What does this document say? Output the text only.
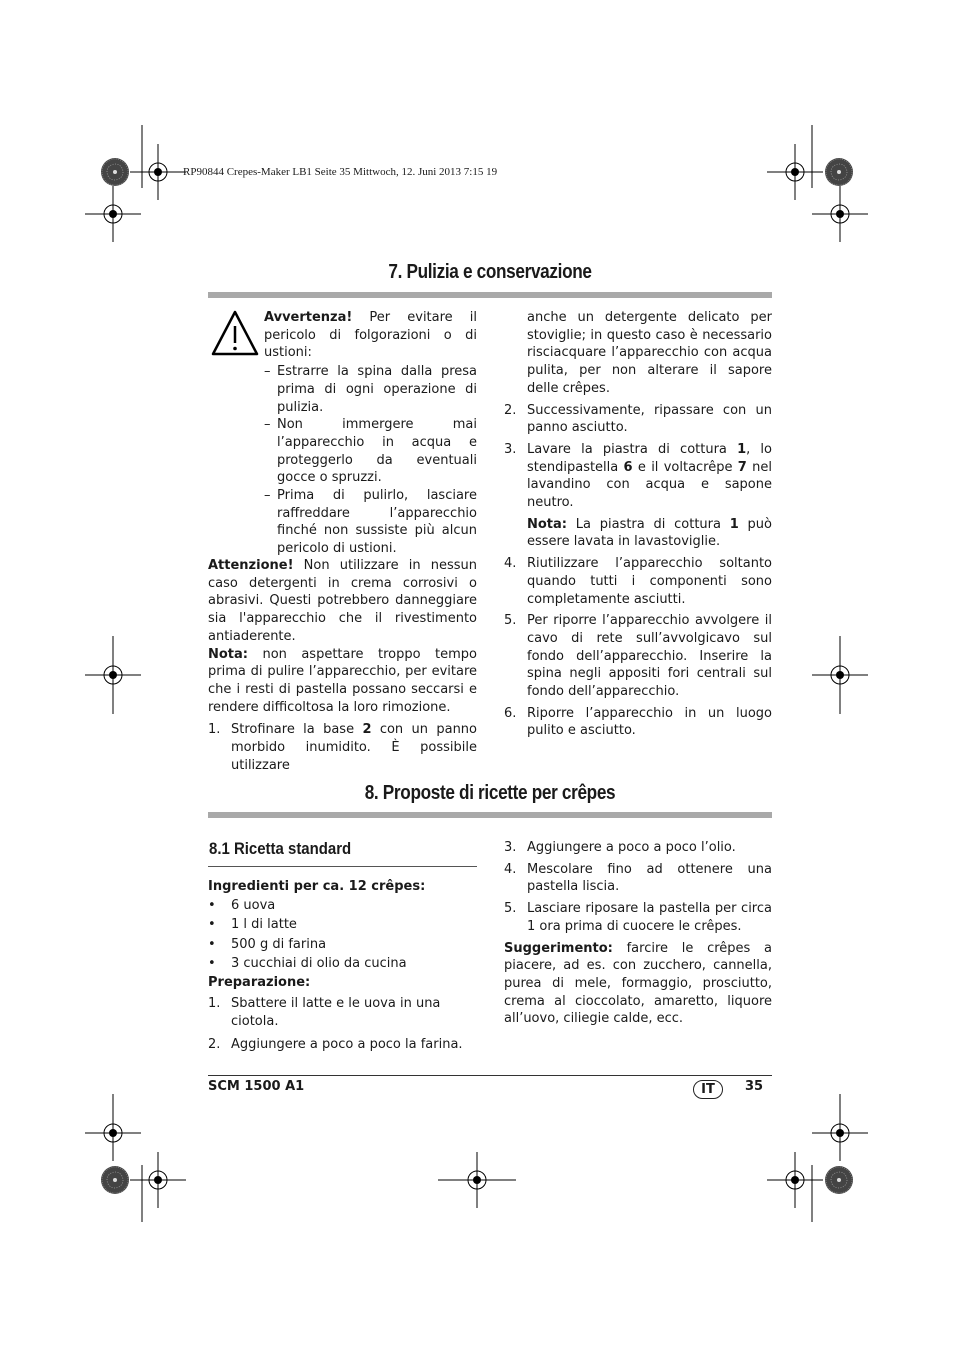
RP90844 Crepes-Maker LB1 Seite 35 Mittwoch, 12. Juni 2013 7:15 19
7. Pulizia e conservazione

Avvertenza! Per evitare il pericolo di folgorazioni o di ustioni:

– Estrarre la spina dalla presa prima di ogni operazione di pulizia.
– Non immergere mai l’apparecchio in acqua e proteggerlo da eventuali gocce o spruzzi.
– Prima di pulirlo, lasciare raffreddare l’apparecchio finché non sussiste più alcun pericolo di ustioni.

Attenzione! Non utilizzare in nessun caso detergenti in crema corrosivi o abrasivi. Questi potrebbero danneggiare sia l'apparecchio che il rivestimento antiaderente.

Nota: non aspettare troppo tempo prima di pulire l’apparecchio, per evitare che i resti di pastella possano seccarsi e rendere difficoltosa la loro rimozione.

1. Strofinare la base 2 con un panno morbido inumidito. È possibile utilizzare
anche un detergente delicato per stoviglie; in questo caso è necessario risciacquare l’apparecchio con acqua pulita, per non alterare il sapore delle crêpes.
2. Successivamente, ripassare con un panno asciutto.
3. Lavare la piastra di cottura 1, lo stendipastella 6 e il voltacrêpe 7 nel lavandino con acqua e sapone neutro.
Nota: La piastra di cottura 1 può essere lavata in lavastoviglie.
4. Riutilizzare l’apparecchio soltanto quando tutti i componenti sono completamente asciutti.
5. Per riporre l’apparecchio avvolgere il cavo di rete sull’avvolgicavo sul fondo dell’apparecchio. Inserire la spina negli appositi fori centrali sul fondo dell’apparecchio.
6. Riporre l’apparecchio in un luogo pulito e asciutto.
8. Proposte di ricette per crêpes
8.1 Ricetta standard

Ingredienti per ca. 12 crêpes:

•	6 uova
•	1 l di latte
•	500 g di farina
•	3 cucchiai di olio da cucina

Preparazione:

1. Sbattere il latte e le uova in una ciotola.
2. Aggiungere a poco a poco la farina.
3. Aggiungere a poco a poco l’olio.
4. Mescolare fino ad ottenere una pastella liscia.
5. Lasciare riposare la pastella per circa 1 ora prima di cuocere le crêpes.

Suggerimento: farcire le crêpes a piacere, ad es. con zucchero, cannella, purea di mele, formaggio, prosciutto, crema al cioccolato, amaretto, liquore all’uovo, ciliegie calde, ecc.

SCM 1500 A1	IT	35
